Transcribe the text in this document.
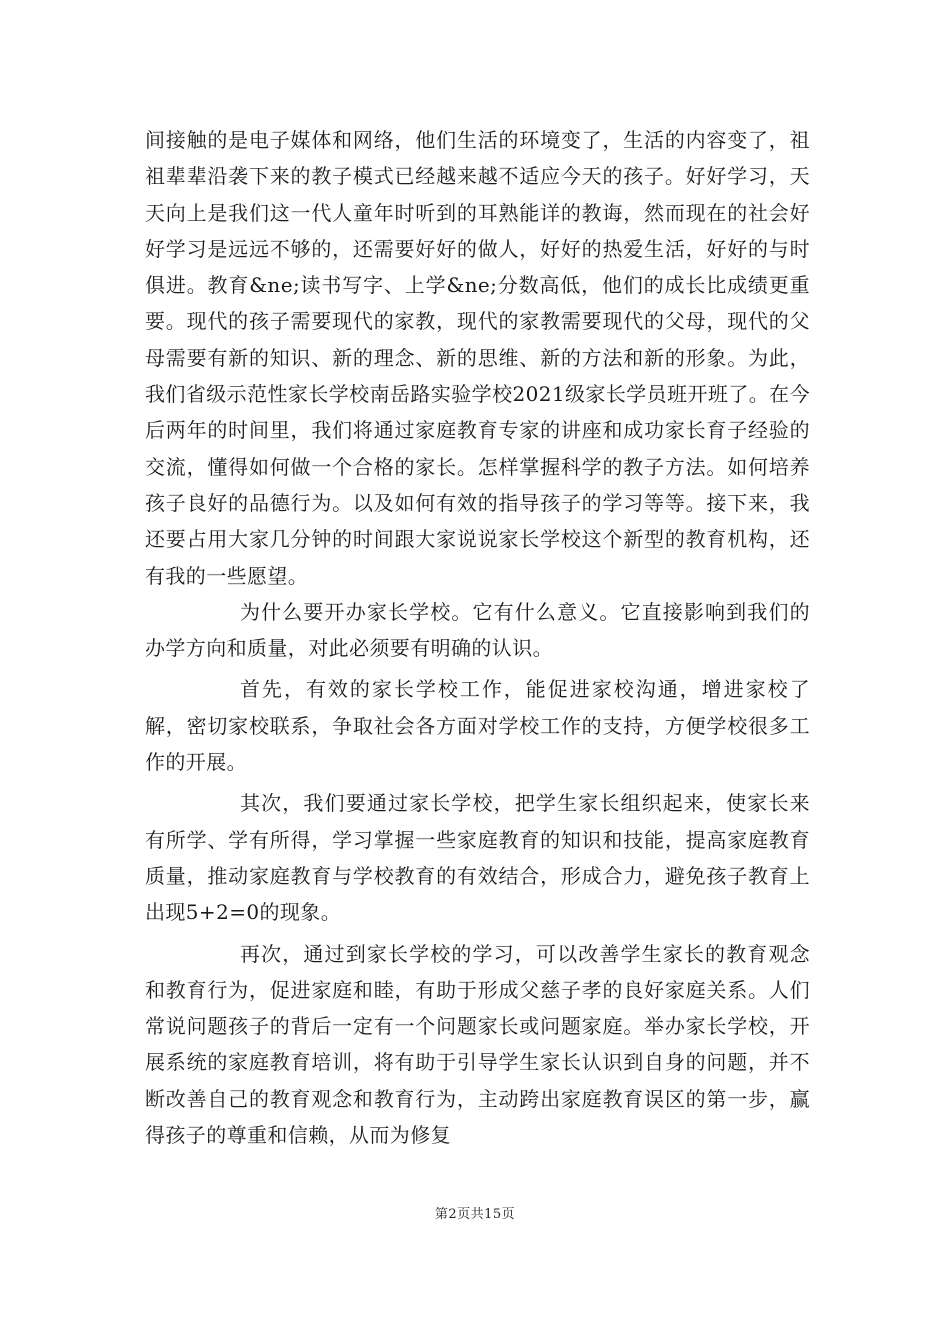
间接触的是电子媒体和网络，他们生活的环境变了，生活的内容变了，祖祖辈辈沿袭下来的教子模式已经越来越不适应今天的孩子。好好学习，天天向上是我们这一代人童年时听到的耳熟能详的教诲，然而现在的社会好好学习是远远不够的，还需要好好的做人，好好的热爱生活，好好的与时俱进。教育&ne;读书写字、上学&ne;分数高低，他们的成长比成绩更重要。现代的孩子需要现代的家教，现代的家教需要现代的父母，现代的父母需要有新的知识、新的理念、新的思维、新的方法和新的形象。为此，我们省级示范性家长学校南岳路实验学校2021级家长学员班开班了。在今后两年的时间里，我们将通过家庭教育专家的讲座和成功家长育子经验的交流，懂得如何做一个合格的家长。怎样掌握科学的教子方法。如何培养孩子良好的品德行为。以及如何有效的指导孩子的学习等等。接下来，我还要占用大家几分钟的时间跟大家说说家长学校这个新型的教育机构，还有我的一些愿望。

为什么要开办家长学校。它有什么意义。它直接影响到我们的办学方向和质量，对此必须要有明确的认识。

首先，有效的家长学校工作，能促进家校沟通，增进家校了解，密切家校联系，争取社会各方面对学校工作的支持，方便学校很多工作的开展。

其次，我们要通过家长学校，把学生家长组织起来，使家长来有所学、学有所得，学习掌握一些家庭教育的知识和技能，提高家庭教育质量，推动家庭教育与学校教育的有效结合，形成合力，避免孩子教育上出现5+2=0的现象。

再次，通过到家长学校的学习，可以改善学生家长的教育观念和教育行为，促进家庭和睦，有助于形成父慈子孝的良好家庭关系。人们常说问题孩子的背后一定有一个问题家长或问题家庭。举办家长学校，开展系统的家庭教育培训，将有助于引导学生家长认识到自身的问题，并不断改善自己的教育观念和教育行为，主动跨出家庭教育误区的第一步，赢得孩子的尊重和信赖，从而为修复

第2页共15页
